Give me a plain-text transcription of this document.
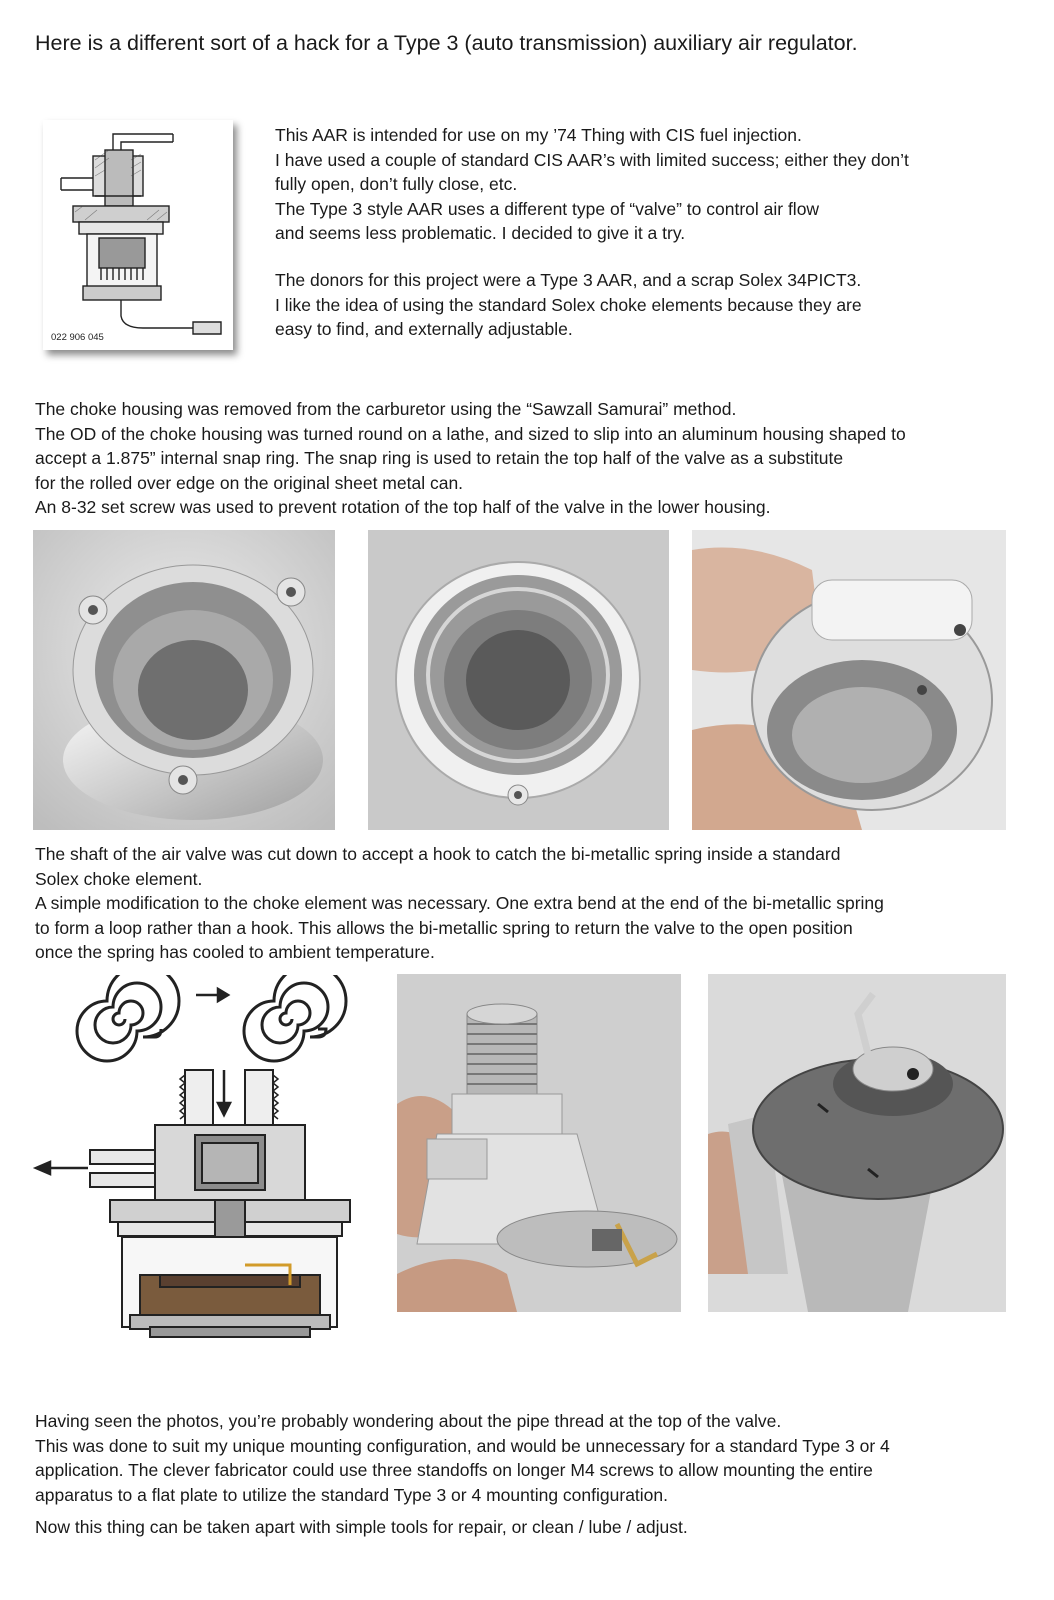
Here is a different sort of a hack for a Type 3 (auto transmission) auxiliary air regulator.
022 906 045
This AAR is intended for use on my ’74 Thing with CIS fuel injection.
I have used a couple of standard CIS AAR’s with limited success; either they don’t
fully open, don’t fully close, etc.
The Type 3 style AAR uses a different type of “valve” to control air flow
and seems less problematic. I decided to give it a try.
The donors for this project were a Type 3 AAR, and a scrap Solex 34PICT3.
I like the idea of using the standard Solex choke elements because they are
easy to find, and externally adjustable.
The choke housing was removed from the carburetor using the “Sawzall Samurai” method.
The OD of the choke housing was turned round on a lathe, and sized to slip into an aluminum housing shaped to
accept a 1.875” internal snap ring. The snap ring is used to retain the top half of the valve as a substitute
for the rolled over edge on the original sheet metal can.
An 8-32 set screw was used to prevent rotation of the top half of the valve in the lower housing.
The shaft of the air valve was cut down to accept a hook to catch the bi-metallic spring inside a standard
Solex choke element.
A simple modification to the choke element was necessary. One extra bend at the end of the bi-metallic spring
to form a loop rather than a hook. This allows the bi-metallic spring to return the valve to the open position
once the spring has cooled to ambient temperature.
Having seen the photos, you’re probably wondering about the pipe thread at the top of the valve.
This was done to suit my unique mounting configuration, and would be unnecessary for a standard Type 3 or 4
application. The clever fabricator could use three standoffs on longer M4 screws to allow mounting the entire
apparatus to a flat plate to utilize the standard Type 3 or 4 mounting configuration.
Now this thing can be taken apart with simple tools for repair, or clean / lube / adjust.
